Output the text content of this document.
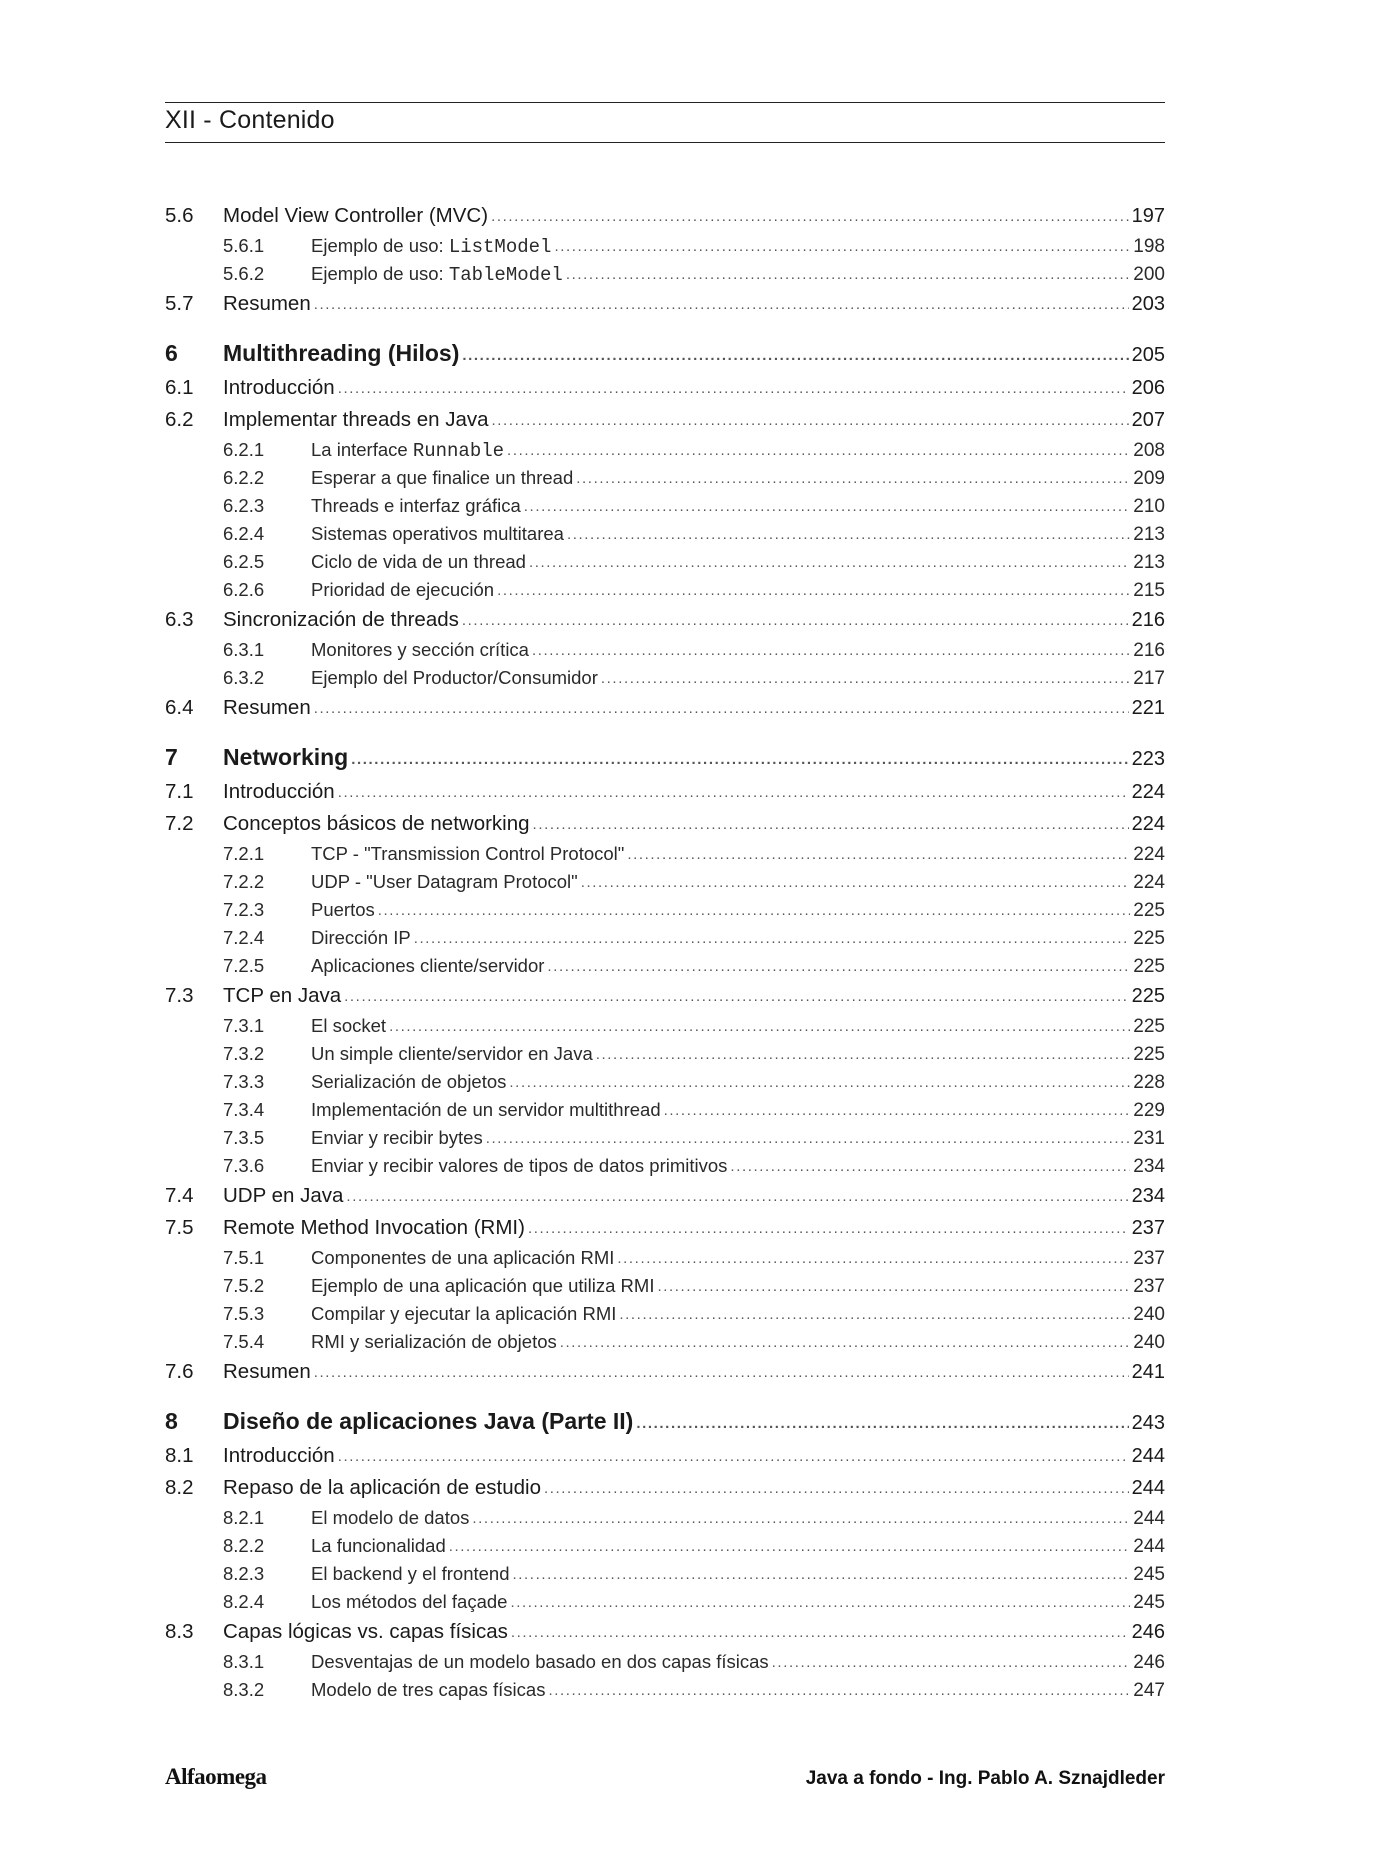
XII - Contenido
5.6	Model View Controller (MVC) .....	197
5.6.1	Ejemplo de uso: ListModel .....	198
5.6.2	Ejemplo de uso: TableModel .....	200
5.7	Resumen .....	203
6	Multithreading (Hilos) .....	205
6.1	Introducción .....	206
6.2	Implementar threads en Java .....	207
6.2.1	La interface Runnable .....	208
6.2.2	Esperar a que finalice un thread .....	209
6.2.3	Threads e interfaz gráfica .....	210
6.2.4	Sistemas operativos multitarea .....	213
6.2.5	Ciclo de vida de un thread .....	213
6.2.6	Prioridad de ejecución .....	215
6.3	Sincronización de threads .....	216
6.3.1	Monitores y sección crítica .....	216
6.3.2	Ejemplo del Productor/Consumidor .....	217
6.4	Resumen .....	221
7	Networking .....	223
7.1	Introducción .....	224
7.2	Conceptos básicos de networking .....	224
7.2.1	TCP - "Transmission Control Protocol" .....	224
7.2.2	UDP - "User Datagram Protocol" .....	224
7.2.3	Puertos .....	225
7.2.4	Dirección IP .....	225
7.2.5	Aplicaciones cliente/servidor .....	225
7.3	TCP en Java .....	225
7.3.1	El socket .....	225
7.3.2	Un simple cliente/servidor en Java .....	225
7.3.3	Serialización de objetos .....	228
7.3.4	Implementación de un servidor multithread .....	229
7.3.5	Enviar y recibir bytes .....	231
7.3.6	Enviar y recibir valores de tipos de datos primitivos .....	234
7.4	UDP en Java .....	234
7.5	Remote Method Invocation (RMI) .....	237
7.5.1	Componentes de una aplicación RMI .....	237
7.5.2	Ejemplo de una aplicación que utiliza RMI .....	237
7.5.3	Compilar y ejecutar la aplicación RMI .....	240
7.5.4	RMI y serialización de objetos .....	240
7.6	Resumen .....	241
8	Diseño de aplicaciones Java (Parte II) .....	243
8.1	Introducción .....	244
8.2	Repaso de la aplicación de estudio .....	244
8.2.1	El modelo de datos .....	244
8.2.2	La funcionalidad .....	244
8.2.3	El backend y el frontend .....	245
8.2.4	Los métodos del façade .....	245
8.3	Capas lógicas vs. capas físicas .....	246
8.3.1	Desventajas de un modelo basado en dos capas físicas .....	246
8.3.2	Modelo de tres capas físicas .....	247
Alfaomega	Java a fondo - Ing. Pablo A. Sznajdleder
